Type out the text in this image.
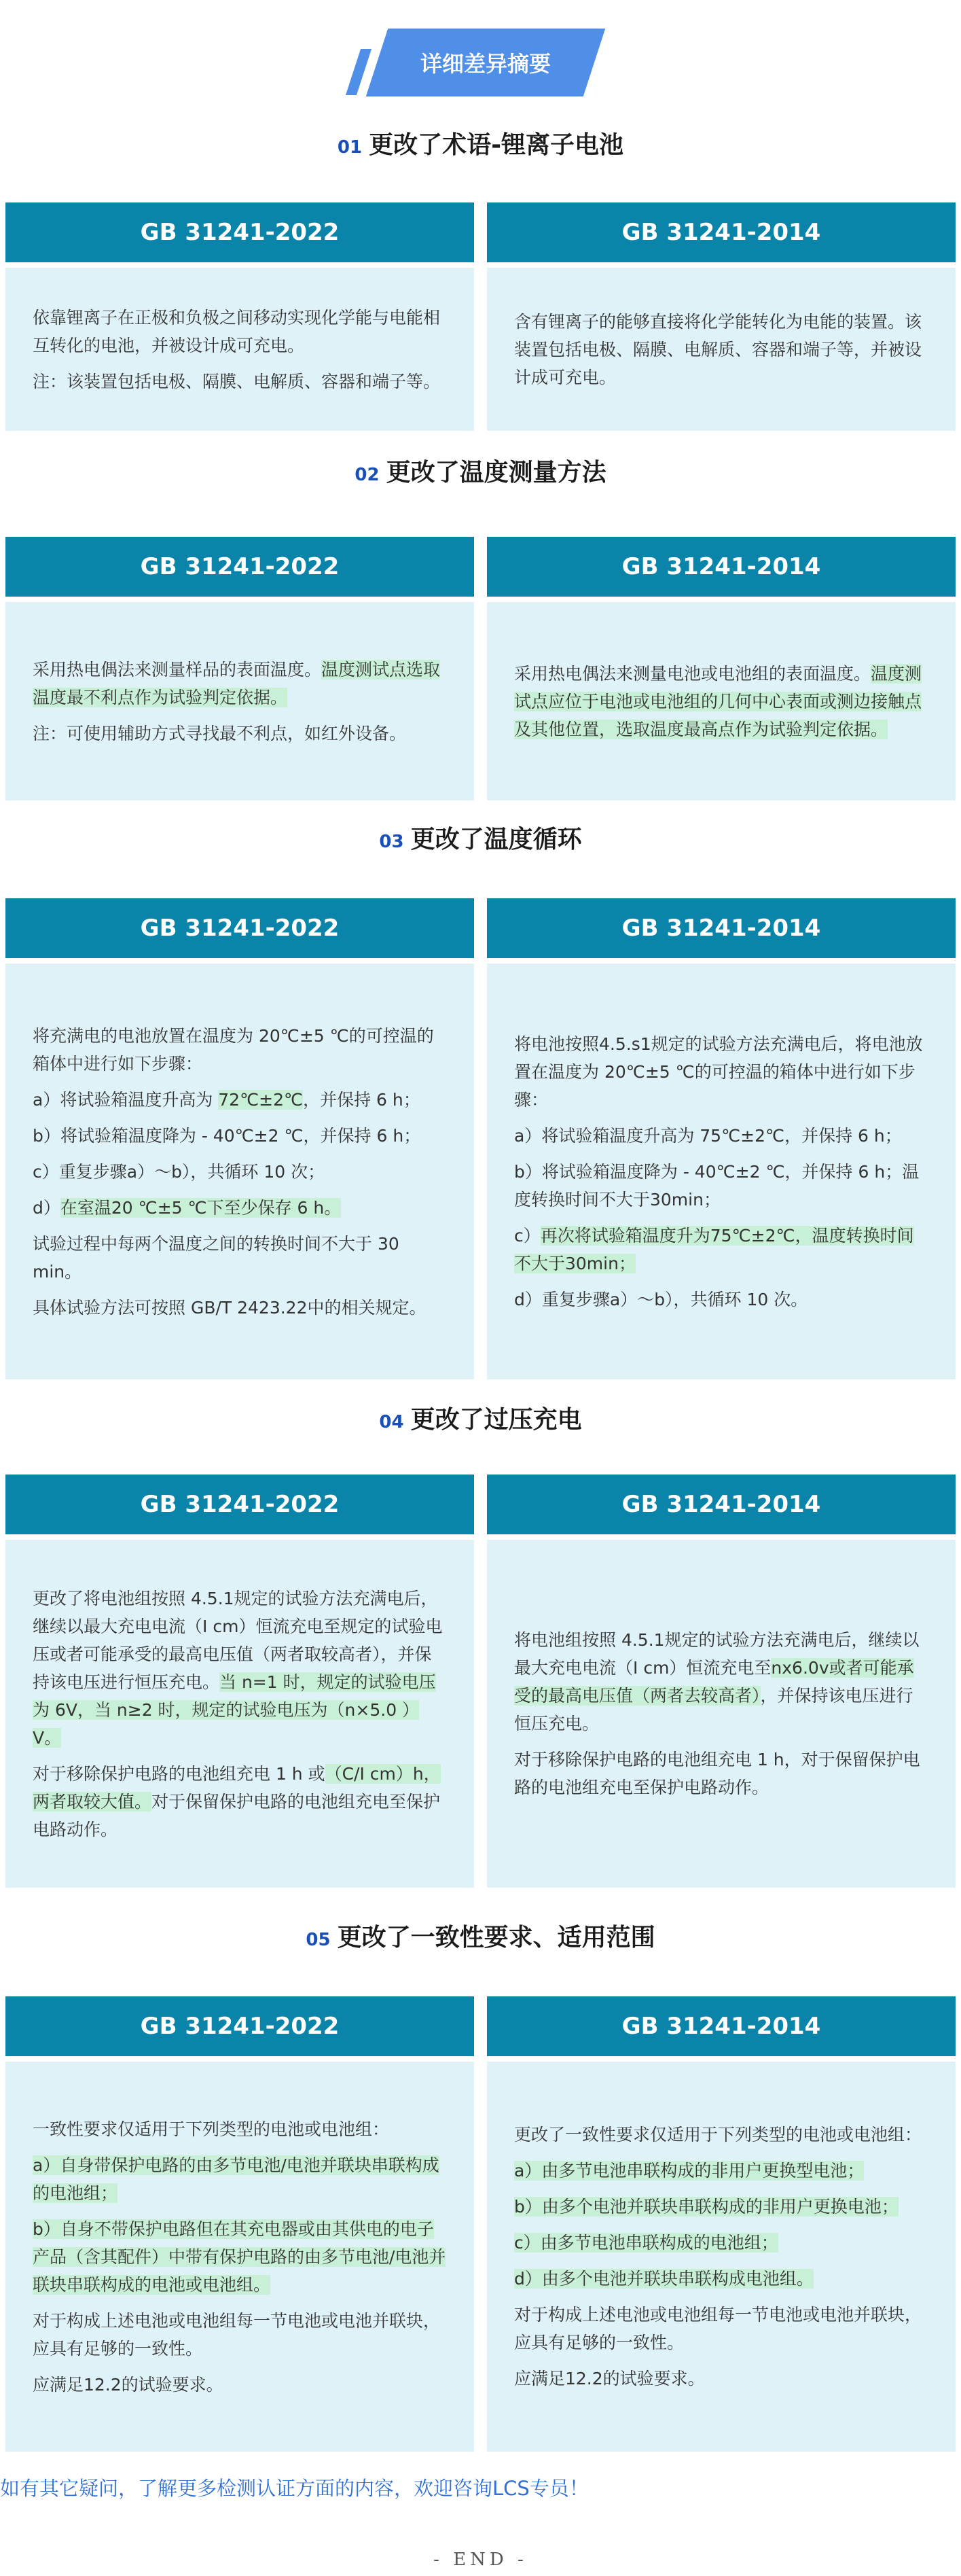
详细差异摘要
01 更改了术语-锂离子电池
GB 31241-2022

依靠锂离子在正极和负极之间移动实现化学能与电能相互转化的电池，并被设计成可充电。

注：该装置包括电极、隔膜、电解质、容器和端子等。

GB 31241-2014

含有锂离子的能够直接将化学能转化为电能的装置。该装置包括电极、隔膜、电解质、容器和端子等，并被设计成可充电。

02 更改了温度测量方法
GB 31241-2022

采用热电偶法来测量样品的表面温度。温度测试点选取温度最不利点作为试验判定依据。

注：可使用辅助方式寻找最不利点，如红外设备。

GB 31241-2014

采用热电偶法来测量电池或电池组的表面温度。温度测试点应位于电池或电池组的几何中心表面或测边接触点及其他位置，选取温度最高点作为试验判定依据。

03 更改了温度循环
GB 31241-2022

将充满电的电池放置在温度为 20℃±5 ℃的可控温的箱体中进行如下步骤：

a）将试验箱温度升高为 72℃±2℃，并保持 6 h；

b）将试验箱温度降为 - 40℃±2 ℃，并保持 6 h；

c）重复步骤a）～b），共循环 10 次；

d）在室温20 ℃±5 ℃下至少保存 6 h。

试验过程中每两个温度之间的转换时间不大于 30 min。

具体试验方法可按照 GB/T 2423.22中的相关规定。

GB 31241-2014

将电池按照4.5.s1规定的试验方法充满电后，将电池放置在温度为 20℃±5 ℃的可控温的箱体中进行如下步骤：

a）将试验箱温度升高为 75℃±2℃，并保持 6 h；

b）将试验箱温度降为 - 40℃±2 ℃，并保持 6 h；温度转换时间不大于30min；

c）再次将试验箱温度升为75℃±2℃，温度转换时间不大于30min；

d）重复步骤a）～b），共循环 10 次。

04 更改了过压充电
GB 31241-2022

更改了将电池组按照 4.5.1规定的试验方法充满电后，继续以最大充电电流（I cm）恒流充电至规定的试验电压或者可能承受的最高电压值（两者取较高者），并保持该电压进行恒压充电。当 n=1 时，规定的试验电压为 6V，当 n≥2 时，规定的试验电压为（n×5.0 ）V。

对于移除保护电路的电池组充电 1 h 或（C/I cm）h，两者取较大值。对于保留保护电路的电池组充电至保护电路动作。

GB 31241-2014

将电池组按照 4.5.1规定的试验方法充满电后，继续以最大充电电流（I cm）恒流充电至nx6.0v或者可能承受的最高电压值（两者去较高者），并保持该电压进行恒压充电。

对于移除保护电路的电池组充电 1 h，对于保留保护电路的电池组充电至保护电路动作。

05 更改了一致性要求、适用范围
GB 31241-2022

一致性要求仅适用于下列类型的电池或电池组：

a）自身带保护电路的由多节电池/电池并联块串联构成的电池组；

b）自身不带保护电路但在其充电器或由其供电的电子产品（含其配件）中带有保护电路的由多节电池/电池并联块串联构成的电池或电池组。

对于构成上述电池或电池组每一节电池或电池并联块，应具有足够的一致性。

应满足12.2的试验要求。

GB 31241-2014

更改了一致性要求仅适用于下列类型的电池或电池组：

a）由多节电池串联构成的非用户更换型电池；

b）由多个电池并联块串联构成的非用户更换电池；

c）由多节电池串联构成的电池组；

d）由多个电池并联块串联构成电池组。

对于构成上述电池或电池组每一节电池或电池并联块，应具有足够的一致性。

应满足12.2的试验要求。

如有其它疑问，了解更多检测认证方面的内容，欢迎咨询LCS专员！
- END -
